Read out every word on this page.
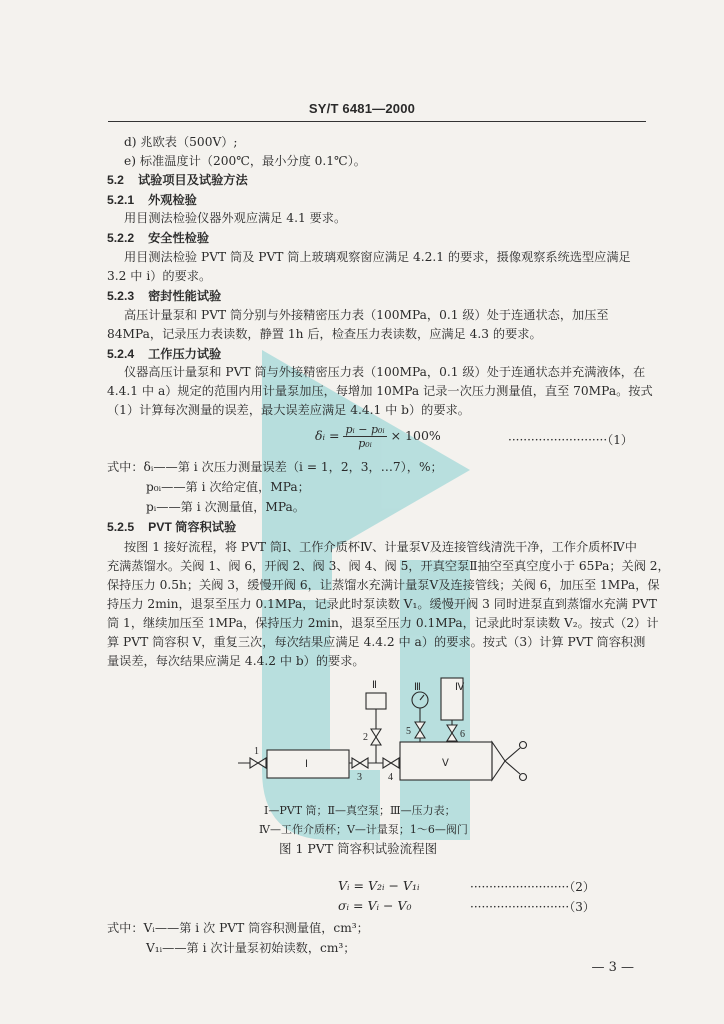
SY/T 6481—2000
d) 兆欧表（500V）;
e) 标准温度计（200℃，最小分度 0.1℃）。
5.2 试验项目及试验方法
5.2.1 外观检验
用目测法检验仪器外观应满足 4.1 要求。
5.2.2 安全性检验
用目测法检验 PVT 筒及 PVT 筒上玻璃观察窗应满足 4.2.1 的要求，摄像观察系统选型应满足
3.2 中 i）的要求。
5.2.3 密封性能试验
高压计量泵和 PVT 筒分别与外接精密压力表（100MPa，0.1 级）处于连通状态，加压至
84MPa，记录压力表读数，静置 1h 后，检查压力表读数，应满足 4.3 的要求。
5.2.4 工作压力试验
仪器高压计量泵和 PVT 筒与外接精密压力表（100MPa，0.1 级）处于连通状态并充满液体，在
4.4.1 中 a）规定的范围内用计量泵加压，每增加 10MPa 记录一次压力测量值，直至 70MPa。按式
（1）计算每次测量的误差，最大误差应满足 4.4.1 中 b）的要求。
δᵢ = $\frac{\text{pᵢ − p₀ᵢ}}{\text{p₀ᵢ}} \times 100\%$	··························（1）
式中：δᵢ——第 i 次压力测量误差（i = 1，2，3，…7），%；
p₀ᵢ——第 i 次给定值，MPa；
pᵢ——第 i 次测量值，MPa。
5.2.5 PVT 筒容积试验
按图 1 接好流程，将 PVT 筒Ⅰ、工作介质杯Ⅳ、计量泵Ⅴ及连接管线清洗干净，工作介质杯Ⅳ中
充满蒸馏水。关阀 1、阀 6，开阀 2、阀 3、阀 4、阀 5，开真空泵Ⅱ抽空至真空度小于 65Pa；关阀 2，
保持压力 0.5h；关阀 3，缓慢开阀 6，让蒸馏水充满计量泵Ⅴ及连接管线；关阀 6，加压至 1MPa，保
持压力 2min，退泵至压力 0.1MPa，记录此时泵读数 V₁。缓慢开阀 3 同时进泵直到蒸馏水充满 PVT
筒 1，继续加压至 1MPa，保持压力 2min，退泵至压力 0.1MPa，记录此时泵读数 V₂。按式（2）计
算 PVT 筒容积 V，重复三次，每次结果应满足 4.4.2 中 a）的要求。按式（3）计算 PVT 筒容积测
量误差，每次结果应满足 4.4.2 中 b）的要求。
Ⅱ	Ⅲ	Ⅳ
Ⅰ	Ⅴ
1
2
3	4
5	6
Ⅰ—PVT 筒；Ⅱ—真空泵；Ⅲ—压力表；
Ⅳ—工作介质杯；Ⅴ—计量泵；1～6—阀门
图 1 PVT 筒容积试验流程图
Vᵢ = V₂ᵢ − V₁ᵢ	··························（2）
σᵢ = Vᵢ − V₀	··························（3）
式中：Vᵢ——第 i 次 PVT 筒容积测量值，cm³；
V₁ᵢ——第 i 次计量泵初始读数，cm³；
— 3 —
